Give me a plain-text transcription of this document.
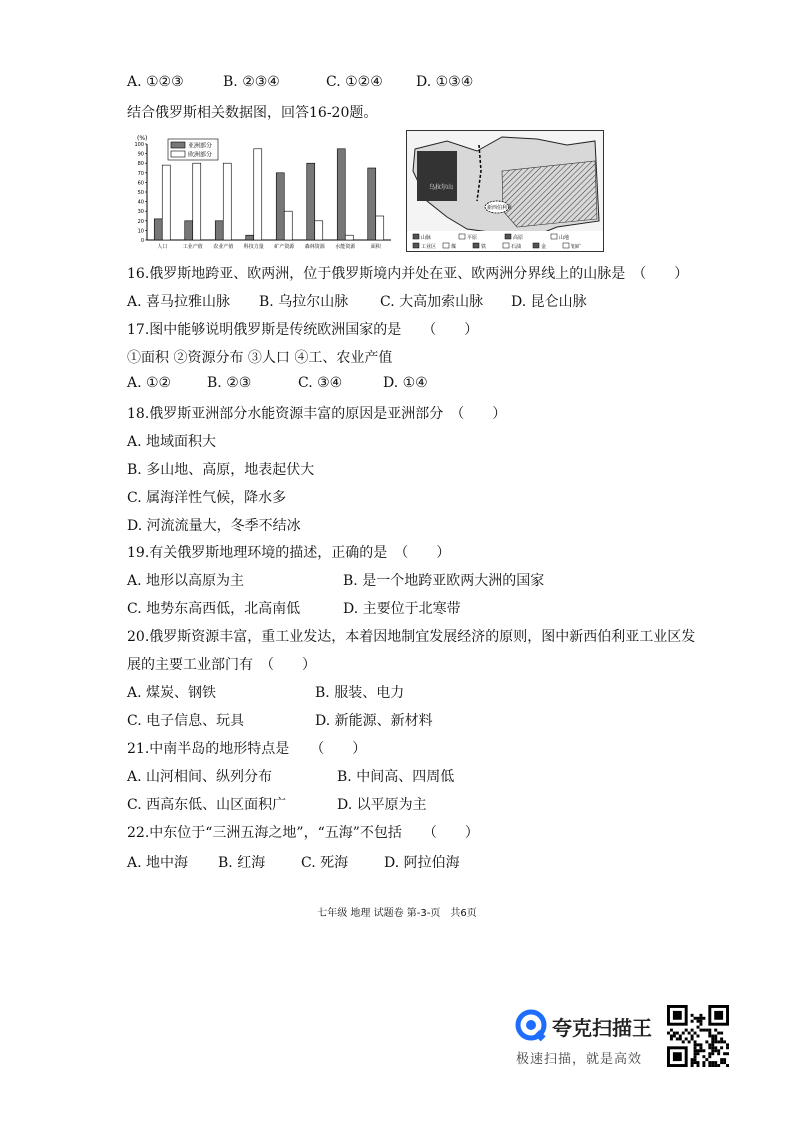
A. ①②③	B. ②③④	C. ①②④ D. ①③④
结合俄罗斯相关数据图，回答16-20题。
(%)
0
10
20
30
40
50
60
70
80
90
100
人口	工业产值 农业产值 科技力量 矿产资源 森林资源 水能资源	面积
亚洲部分
欧洲部分
乌拉尔山
新西伯利亚
山脉	平原	高原	山地
工业区	煤	铁	石油	金	铝矿
16.俄罗斯地跨亚、欧两洲，位于俄罗斯境内并处在亚、欧两洲分界线上的山脉是　（　　）
A. 喜马拉雅山脉 B. 乌拉尔山脉 C. 大高加索山脉 D. 昆仑山脉
17.图中能够说明俄罗斯是传统欧洲国家的是　　（　　）
①面积 ②资源分布 ③人口 ④工、农业产值
A. ①②	B. ②③	C. ③④	D. ①④
18.俄罗斯亚洲部分水能资源丰富的原因是亚洲部分　（　　）
A. 地域面积大
B. 多山地、高原，地表起伏大
C. 属海洋性气候，降水多
D. 河流流量大，冬季不结冰
19.有关俄罗斯地理环境的描述，正确的是　（　　）
A. 地形以高原为主	B. 是一个地跨亚欧两大洲的国家
C. 地势东高西低，北高南低	D. 主要位于北寒带
20.俄罗斯资源丰富，重工业发达，本着因地制宜发展经济的原则，图中新西伯利亚工业区发
展的主要工业部门有　（　　）
A. 煤炭、钢铁	B. 服装、电力
C. 电子信息、玩具	D. 新能源、新材料
21.中南半岛的地形特点是　　（　　）
A. 山河相间、纵列分布	B. 中间高、四周低
C. 西高东低、山区面积广	D. 以平原为主
22.中东位于“三洲五海之地”，“五海”不包括　　（　　）
A. 地中海 B. 红海	C. 死海	D. 阿拉伯海
七年级 地理 试题卷 第-3-页　共6页
夸克扫描王
极速扫描，就是高效
